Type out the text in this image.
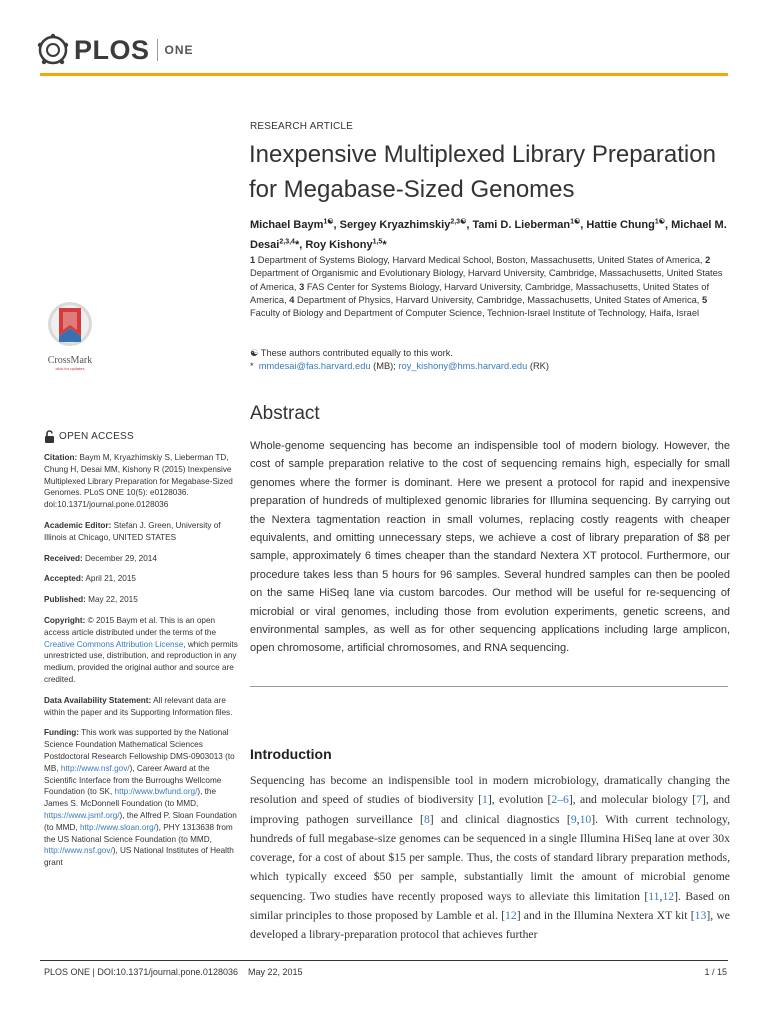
PLOS ONE
RESEARCH ARTICLE
Inexpensive Multiplexed Library Preparation
for Megabase-Sized Genomes
Michael Baym$^{1☯}$, Sergey Kryazhimskiy$^{2,3☯}$, Tami D. Lieberman$^{1☯}$, Hattie Chung$^{1☯}$, Michael M. Desai$^{2,3,4}$*, Roy Kishony$^{1,5}$*
1 Department of Systems Biology, Harvard Medical School, Boston, Massachusetts, United States of America, 2 Department of Organismic and Evolutionary Biology, Harvard University, Cambridge, Massachusetts, United States of America, 3 FAS Center for Systems Biology, Harvard University, Cambridge, Massachusetts, United States of America, 4 Department of Physics, Harvard University, Cambridge, Massachusetts, United States of America, 5 Faculty of Biology and Department of Computer Science, Technion-Israel Institute of Technology, Haifa, Israel
☯ These authors contributed equally to this work.
* mmdesai@fas.harvard.edu (MB); roy_kishony@hms.harvard.edu (RK)
CrossMark
click for updates
OPEN ACCESS

Citation: Baym M, Kryazhimskiy S, Lieberman TD, Chung H, Desai MM, Kishony R (2015) Inexpensive Multiplexed Library Preparation for Megabase-Sized Genomes. PLoS ONE 10(5): e0128036. doi:10.1371/journal.pone.0128036

Academic Editor: Stefan J. Green, University of Illinois at Chicago, UNITED STATES

Received: December 29, 2014

Accepted: April 21, 2015

Published: May 22, 2015

Copyright: © 2015 Baym et al. This is an open access article distributed under the terms of the Creative Commons Attribution License, which permits unrestricted use, distribution, and reproduction in any medium, provided the original author and source are credited.

Data Availability Statement: All relevant data are within the paper and its Supporting Information files.

Funding: This work was supported by the National Science Foundation Mathematical Sciences Postdoctoral Research Fellowship DMS-0903013 (to MB, http://www.nsf.gov/), Career Award at the Scientific Interface from the Burroughs Wellcome Foundation (to SK, http://www.bwfund.org/), the James S. McDonnell Foundation (to MMD, https://www.jsmf.org/), the Alfred P. Sloan Foundation (to MMD, http://www.sloan.org/), PHY 1313638 from the US National Science Foundation (to MMD, http://www.nsf.gov/), US National Institutes of Health grant

Abstract

Whole-genome sequencing has become an indispensible tool of modern biology. However, the cost of sample preparation relative to the cost of sequencing remains high, especially for small genomes where the former is dominant. Here we present a protocol for rapid and inexpensive preparation of hundreds of multiplexed genomic libraries for Illumina sequencing. By carrying out the Nextera tagmentation reaction in small volumes, replacing costly reagents with cheaper equivalents, and omitting unnecessary steps, we achieve a cost of library preparation of $8 per sample, approximately 6 times cheaper than the standard Nextera XT protocol. Furthermore, our procedure takes less than 5 hours for 96 samples. Several hundred samples can then be pooled on the same HiSeq lane via custom barcodes. Our method will be useful for re-sequencing of microbial or viral genomes, including those from evolution experiments, genetic screens, and environmental samples, as well as for other sequencing applications including large amplicon, open chromosome, artificial chromosomes, and RNA sequencing.

Introduction

Sequencing has become an indispensible tool in modern microbiology, dramatically changing the resolution and speed of studies of biodiversity [1], evolution [2–6], and molecular biology [7], and improving pathogen surveillance [8] and clinical diagnostics [9,10]. With current technology, hundreds of full megabase-size genomes can be sequenced in a single Illumina HiSeq lane at over 30x coverage, for a cost of about $15 per sample. Thus, the costs of standard library preparation methods, which typically exceed $50 per sample, substantially limit the amount of microbial genome sequencing. Two studies have recently proposed ways to alleviate this limitation [11,12]. Based on similar principles to those proposed by Lamble et al. [12] and in the Illumina Nextera XT kit [13], we developed a library-preparation protocol that achieves further

PLOS ONE | DOI:10.1371/journal.pone.0128036    May 22, 2015	1 / 15
